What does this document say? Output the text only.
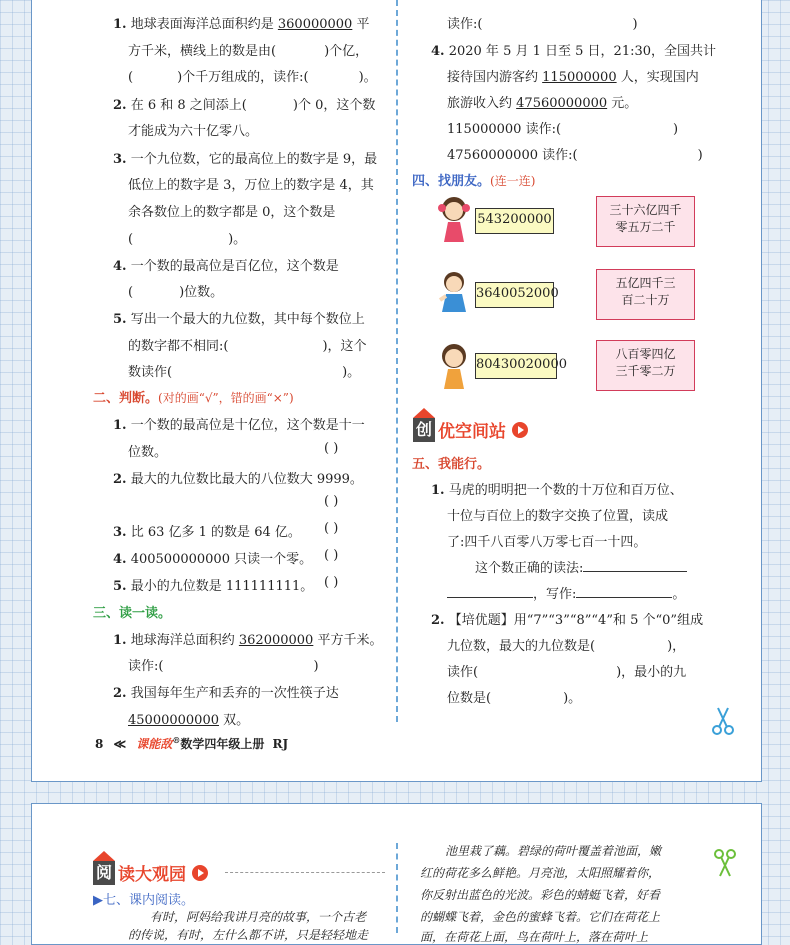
1. 地球表面海洋总面积约是 360000000 平
方千米，横线上的数是由(	)个亿，
(	)个千万组成的，读作:(	)。
2. 在 6 和 8 之间添上(	)个 0，这个数
才能成为六十亿零八。
3. 一个九位数，它的最高位上的数字是 9，最
低位上的数字是 3，万位上的数字是 4，其
余各数位上的数字都是 0，这个数是
(	)。
4. 一个数的最高位是百亿位，这个数是
(	)位数。
5. 写出一个最大的九位数，其中每个数位上
的数字都不相同:(	)，这个
数读作(	)。
二、判断。(对的画“√”，错的画“×”)
1. 一个数的最高位是十亿位，这个数是十一
位数。	( )
2. 最大的九位数比最大的八位数大 9999。
( )
3. 比 63 亿多 1 的数是 64 亿。 ( )
4. 400500000000 只读一个零。 ( )
5. 最小的九位数是 111111111。 ( )
三、读一读。
1. 地球海洋总面积约 362000000 平方千米。
读作:(	)
2. 我国每年生产和丢弃的一次性筷子达
45000000000 双。
8 ≪ 课能敌®数学四年级上册 RJ
读作:(	)
4. 2020 年 5 月 1 日至 5 日，21:30，全国共计
接待国内游客约 115000000 人，实现国内
旅游收入约 47560000000 元。
115000000 读作:(	)
47560000000 读作:(	)
四、找朋友。(连一连)
543200000
三十六亿四千
零五万二千
3640052000
五亿四千三
百二十万
80430020000
八百零四亿
三千零二万
创 优空间站
五、我能行。
1. 马虎的明明把一个数的十万位和百万位、
十位与百位上的数字交换了位置，读成
了:四千八百零八万零七百一十四。
这个数正确的读法:
，写作:	。
2. 【培优题】用“7”“3”“8”“4”和 5 个“0”组成
九位数，最大的九位数是(	)，
读作(	)，最小的九
位数是(	)。
阅 读大观园
▶七、课内阅读。
有时，阿妈给我讲月亮的故事，一个古老
的传说，有时，左什么都不讲，只是轻轻地走
池里栽了藕。碧绿的荷叶覆盖着池面，嫩
红的荷花多么鲜艳。月亮池，太阳照耀着你，
你反射出蓝色的光波。彩色的蜻蜓飞着，好看
的蝴蝶飞着，金色的蜜蜂飞着。它们在荷花上
面，在荷花上面，鸟在荷叶上，落在荷叶上
